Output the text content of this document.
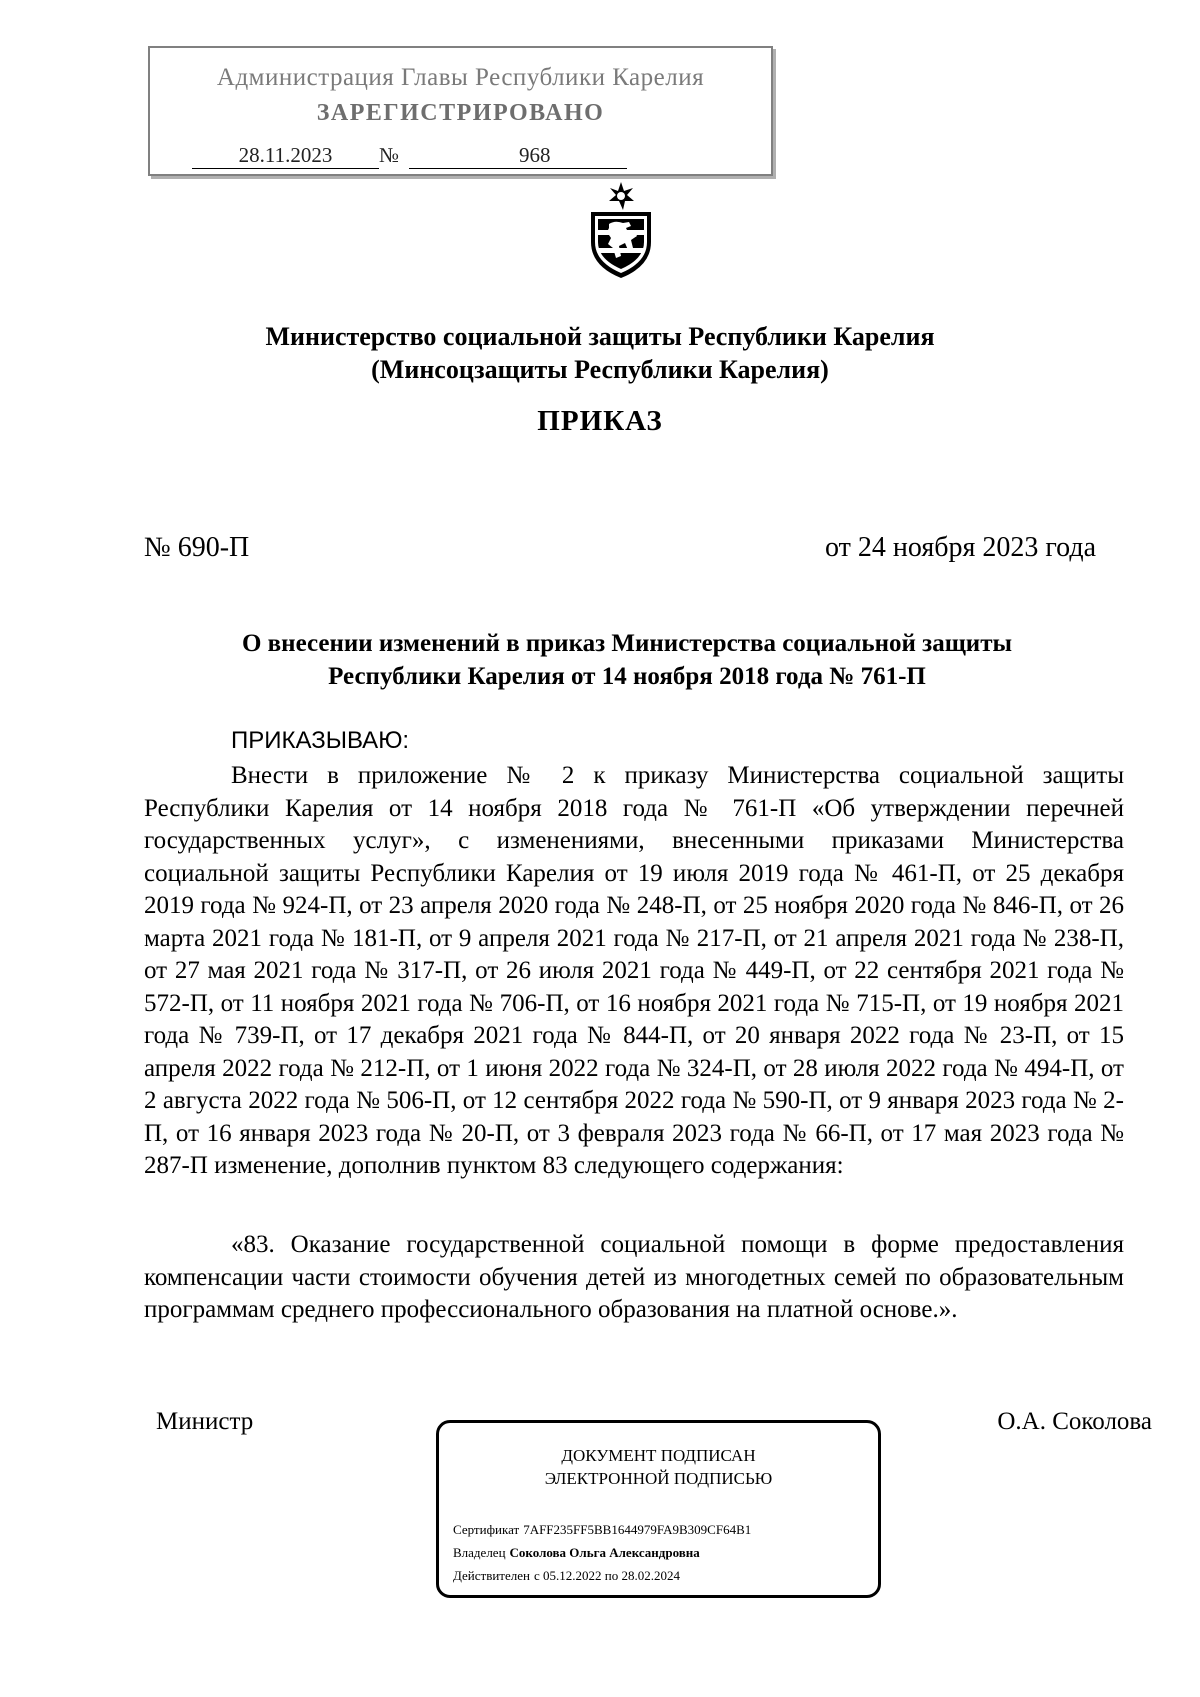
Администрация Главы Республики Карелия
ЗАРЕГИСТРИРОВАНО
28.11.2023	№	968
Министерство социальной защиты Республики Карелия
(Минсоцзащиты Республики Карелия)
ПРИКАЗ
№ 690-П	от 24 ноября 2023 года
О внесении изменений в приказ Министерства социальной защиты
Республики Карелия от 14 ноября 2018 года № 761-П
ПРИКАЗЫВАЮ:

Внести в приложение № 2 к приказу Министерства социальной защиты Республики Карелия от 14 ноября 2018 года № 761-П «Об утверждении перечней государственных услуг», с изменениями, внесенными приказами Министерства социальной защиты Республики Карелия от 19 июля 2019 года № 461-П, от 25 декабря 2019 года № 924-П, от 23 апреля 2020 года № 248-П, от 25 ноября 2020 года № 846-П, от 26 марта 2021 года № 181-П, от 9 апреля 2021 года № 217-П, от 21 апреля 2021 года № 238-П, от 27 мая 2021 года № 317-П, от 26 июля 2021 года № 449-П, от 22 сентября 2021 года № 572-П, от 11 ноября 2021 года № 706-П, от 16 ноября 2021 года № 715-П, от 19 ноября 2021 года № 739-П, от 17 декабря 2021 года № 844-П, от 20 января 2022 года № 23-П, от 15 апреля 2022 года № 212-П, от 1 июня 2022 года № 324-П, от 28 июля 2022 года № 494-П, от 2 августа 2022 года № 506-П, от 12 сентября 2022 года № 590-П, от 9 января 2023 года № 2-П, от 16 января 2023 года № 20-П, от 3 февраля 2023 года № 66-П, от 17 мая 2023 года № 287-П изменение, дополнив пунктом 83 следующего содержания:

«83. Оказание государственной социальной помощи в форме предоставления компенсации части стоимости обучения детей из многодетных семей по образовательным программам среднего профессионального образования на платной основе.».

Министр	О.А. Соколова
ДОКУМЕНТ ПОДПИСАН
ЭЛЕКТРОННОЙ ПОДПИСЬЮ
Сертификат 7AFF235FF5BB1644979FA9B309CF64B1
Владелец Соколова Ольга Александровна
Действителен с 05.12.2022 по 28.02.2024
